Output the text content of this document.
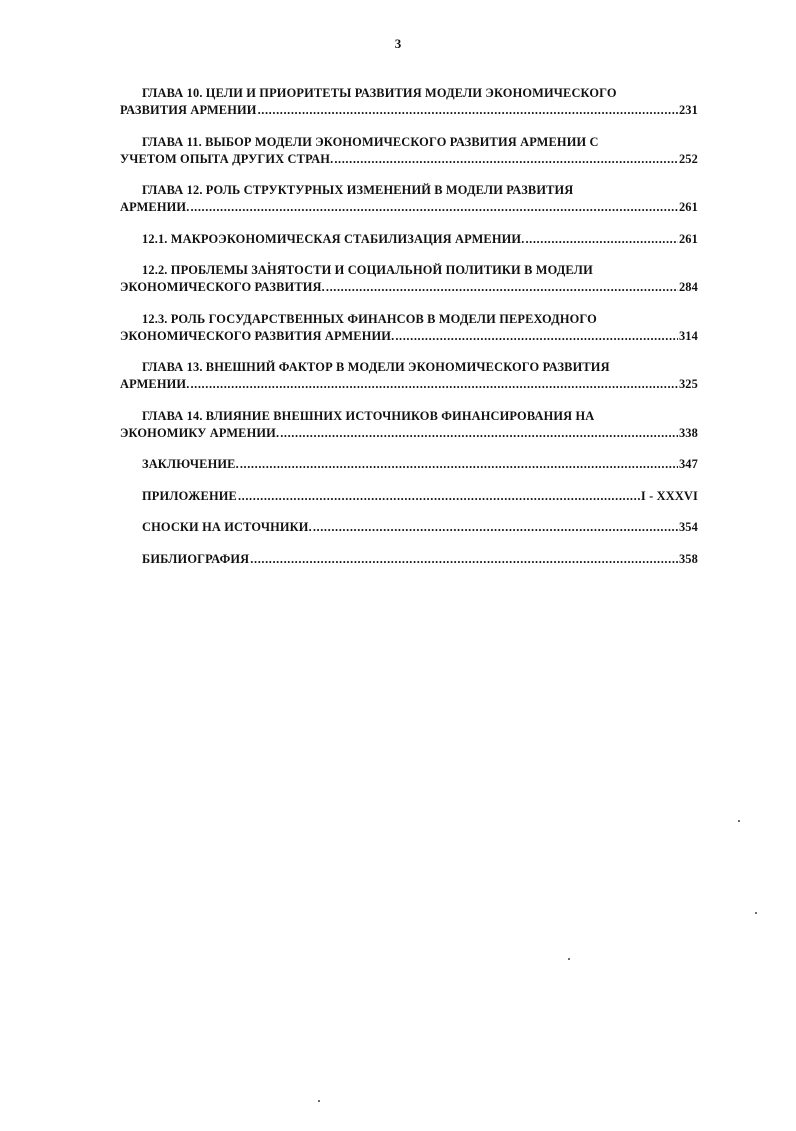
3
ГЛАВА 10. ЦЕЛИ И ПРИОРИТЕТЫ РАЗВИТИЯ МОДЕЛИ ЭКОНОМИЧЕСКОГО
РАЗВИТИЯ АРМЕНИИ .....	231
ГЛАВА 11. ВЫБОР МОДЕЛИ ЭКОНОМИЧЕСКОГО РАЗВИТИЯ АРМЕНИИ С
УЧЕТОМ ОПЫТА ДРУГИХ СТРАН. .....	252
ГЛАВА 12. РОЛЬ СТРУКТУРНЫХ ИЗМЕНЕНИЙ В МОДЕЛИ РАЗВИТИЯ
АРМЕНИИ. .....	261
12.1. МАКРОЭКОНОМИЧЕСКАЯ СТАБИЛИЗАЦИЯ АРМЕНИИ. .....	261
12.2. ПРОБЛЕМЫ ЗАНЯТОСТИ И СОЦИАЛЬНОЙ ПОЛИТИКИ В МОДЕЛИ
ЭКОНОМИЧЕСКОГО РАЗВИТИЯ. .....	284
12.3. РОЛЬ ГОСУДАРСТВЕННЫХ ФИНАНСОВ В МОДЕЛИ ПЕРЕХОДНОГО
ЭКОНОМИЧЕСКОГО РАЗВИТИЯ АРМЕНИИ. .....	314
ГЛАВА 13. ВНЕШНИЙ ФАКТОР В МОДЕЛИ ЭКОНОМИЧЕСКОГО РАЗВИТИЯ
АРМЕНИИ. .....	325
ГЛАВА 14. ВЛИЯНИЕ ВНЕШНИХ ИСТОЧНИКОВ ФИНАНСИРОВАНИЯ НА
ЭКОНОМИКУ АРМЕНИИ. .....	338
ЗАКЛЮЧЕНИЕ. .....	347
ПРИЛОЖЕНИЕ .....	I - XXXVI
СНОСКИ НА ИСТОЧНИКИ. .....	354
БИБЛИОГРАФИЯ .....	358
